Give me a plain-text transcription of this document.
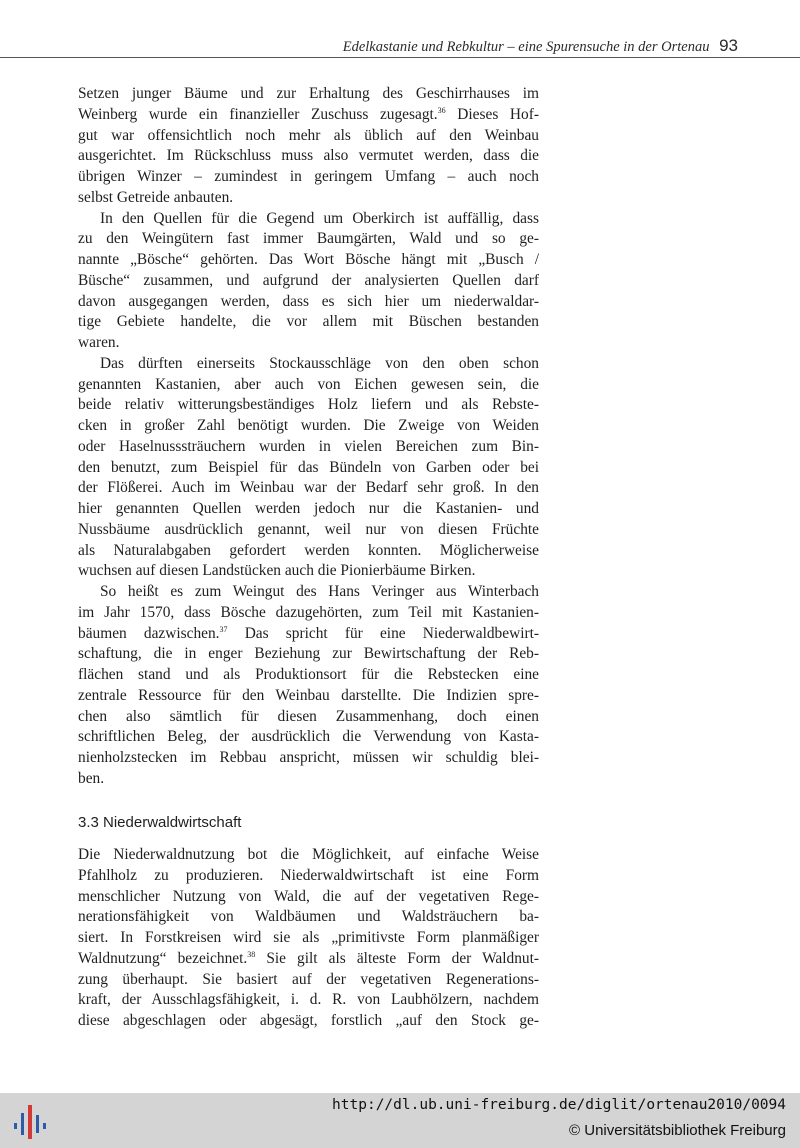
Edelkastanie und Rebkultur – eine Spurensuche in der Ortenau 93
Setzen junger Bäume und zur Erhaltung des Geschirrhauses im
Weinberg wurde ein finanzieller Zuschuss zugesagt.$^{36}$ Dieses Hof-
gut war offensichtlich noch mehr als üblich auf den Weinbau
ausgerichtet. Im Rückschluss muss also vermutet werden, dass die
übrigen Winzer – zumindest in geringem Umfang – auch noch
selbst Getreide anbauten.
In den Quellen für die Gegend um Oberkirch ist auffällig, dass
zu den Weingütern fast immer Baumgärten, Wald und so ge-
nannte „Bösche“ gehörten. Das Wort Bösche hängt mit „Busch /
Büsche“ zusammen, und aufgrund der analysierten Quellen darf
davon ausgegangen werden, dass es sich hier um niederwaldar-
tige Gebiete handelte, die vor allem mit Büschen bestanden
waren.
Das dürften einerseits Stockausschläge von den oben schon
genannten Kastanien, aber auch von Eichen gewesen sein, die
beide relativ witterungsbeständiges Holz liefern und als Rebste-
cken in großer Zahl benötigt wurden. Die Zweige von Weiden
oder Haselnusssträuchern wurden in vielen Bereichen zum Bin-
den benutzt, zum Beispiel für das Bündeln von Garben oder bei
der Flößerei. Auch im Weinbau war der Bedarf sehr groß. In den
hier genannten Quellen werden jedoch nur die Kastanien- und
Nussbäume ausdrücklich genannt, weil nur von diesen Früchte
als Naturalabgaben gefordert werden konnten. Möglicherweise
wuchsen auf diesen Landstücken auch die Pionierbäume Birken.
So heißt es zum Weingut des Hans Veringer aus Winterbach
im Jahr 1570, dass Bösche dazugehörten, zum Teil mit Kastanien-
bäumen dazwischen.$^{37}$ Das spricht für eine Niederwaldbewirt-
schaftung, die in enger Beziehung zur Bewirtschaftung der Reb-
flächen stand und als Produktionsort für die Rebstecken eine
zentrale Ressource für den Weinbau darstellte. Die Indizien spre-
chen also sämtlich für diesen Zusammenhang, doch einen
schriftlichen Beleg, der ausdrücklich die Verwendung von Kasta-
nienholzstecken im Rebbau anspricht, müssen wir schuldig blei-
ben.
3.3 Niederwaldwirtschaft
Die Niederwaldnutzung bot die Möglichkeit, auf einfache Weise
Pfahlholz zu produzieren. Niederwaldwirtschaft ist eine Form
menschlicher Nutzung von Wald, die auf der vegetativen Rege-
nerationsfähigkeit von Waldbäumen und Waldsträuchern ba-
siert. In Forstkreisen wird sie als „primitivste Form planmäßiger
Waldnutzung“ bezeichnet.$^{38}$ Sie gilt als älteste Form der Waldnut-
zung überhaupt. Sie basiert auf der vegetativen Regenerations-
kraft, der Ausschlagsfähigkeit, i. d. R. von Laubhölzern, nachdem
diese abgeschlagen oder abgesägt, forstlich „auf den Stock ge-
http://dl.ub.uni-freiburg.de/diglit/ortenau2010/0094
© Universitätsbibliothek Freiburg
